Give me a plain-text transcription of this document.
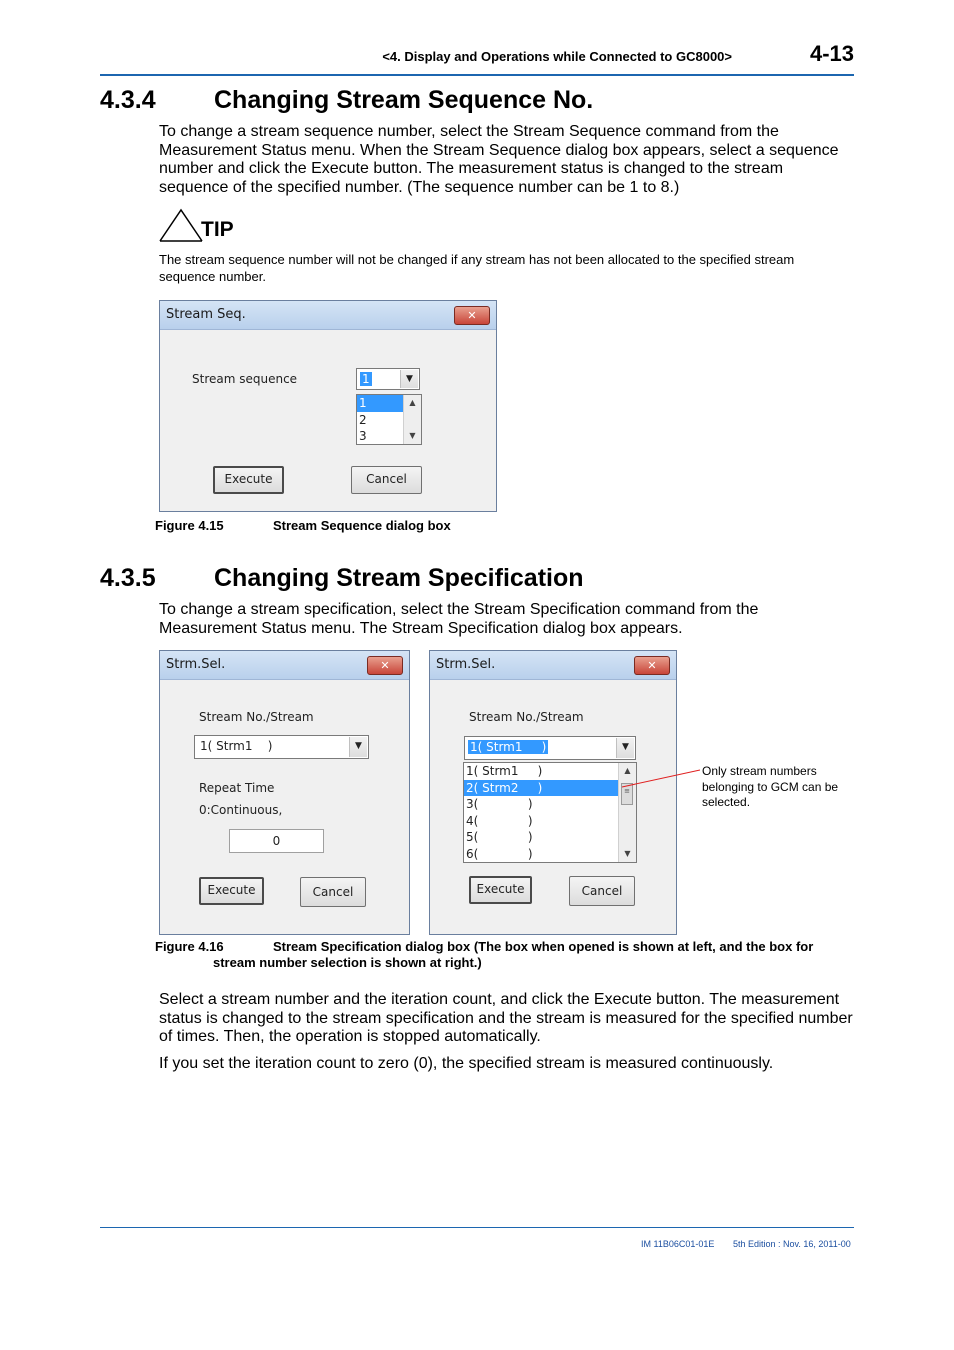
<4. Display and Operations while Connected to GC8000>	4-13
4.3.4 Changing Stream Sequence No.
To change a stream sequence number, select the Stream Sequence command from the Measurement Status menu. When the Stream Sequence dialog box appears, select a sequence number and click the Execute button. The measurement status is changed to the stream sequence of the specified number. (The sequence number can be 1 to 8.)
TIP
The stream sequence number will not be changed if any stream has not been allocated to the specified stream sequence number.
Stream Seq.	✕
Stream sequence	1	▼
1
2
3
▲
▼
Execute	Cancel
Figure 4.15	Stream Sequence dialog box
4.3.5 Changing Stream Specification
To change a stream specification, select the Stream Specification command from the Measurement Status menu. The Stream Specification dialog box appears.
Strm.Sel.	✕
Stream No./Stream
1( Strm1    )	▼
Repeat Time
0:Continuous,
0
Execute	Cancel
Strm.Sel.	✕
Stream No./Stream
1( Strm1     )	▼
1( Strm1     )
2( Strm2     )
3(             )
4(             )
5(             )
6(             )
▲
≡
▼
Execute	Cancel
Only stream numbers belonging to GCM can be selected.
Figure 4.16	Stream Specification dialog box (The box when opened is shown at left, and the box for stream number selection is shown at right.)
Select a stream number and the iteration count, and click the Execute button. The measurement status is changed to the stream specification and the stream is measured for the specified number of times. Then, the operation is stopped automatically.
If you set the iteration count to zero (0), the specified stream is measured continuously.
IM 11B06C01-01E 5th Edition : Nov. 16, 2011-00
